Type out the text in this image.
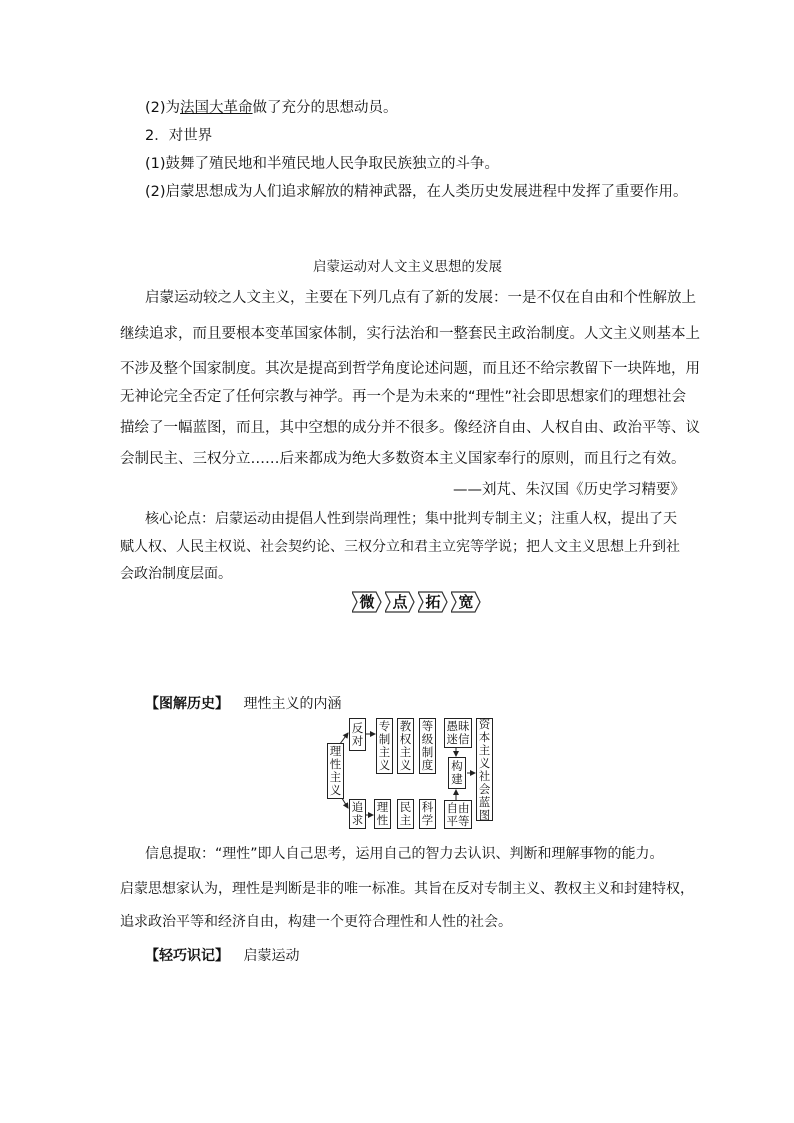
(2)为法国大革命做了充分的思想动员。
2．对世界
(1)鼓舞了殖民地和半殖民地人民争取民族独立的斗争。
(2)启蒙思想成为人们追求解放的精神武器，在人类历史发展进程中发挥了重要作用。
启蒙运动对人文主义思想的发展
启蒙运动较之人文主义，主要在下列几点有了新的发展：一是不仅在自由和个性解放上
继续追求，而且要根本变革国家体制，实行法治和一整套民主政治制度。人文主义则基本上
不涉及整个国家制度。其次是提高到哲学角度论述问题，而且还不给宗教留下一块阵地，用
无神论完全否定了任何宗教与神学。再一个是为未来的“理性”社会即思想家们的理想社会
描绘了一幅蓝图，而且，其中空想的成分并不很多。像经济自由、人权自由、政治平等、议
会制民主、三权分立……后来都成为绝大多数资本主义国家奉行的原则，而且行之有效。
——刘芃、朱汉国《历史学习精要》
核心论点：启蒙运动由提倡人性到崇尚理性；集中批判专制主义；注重人权，提出了天
赋人权、人民主权说、社会契约论、三权分立和君主立宪等学说；把人文主义思想上升到社
会政治制度层面。
微	点	拓	宽
【图解历史】 理性主义的内涵
理性主义
反对
专制主义
教权主义
等级制度
愚昧迷信
构建
资本主义社会蓝图
追求
理性
民主
科学
自由平等
信息提取：“理性”即人自己思考，运用自己的智力去认识、判断和理解事物的能力。
启蒙思想家认为，理性是判断是非的唯一标准。其旨在反对专制主义、教权主义和封建特权，
追求政治平等和经济自由，构建一个更符合理性和人性的社会。
【轻巧识记】 启蒙运动
